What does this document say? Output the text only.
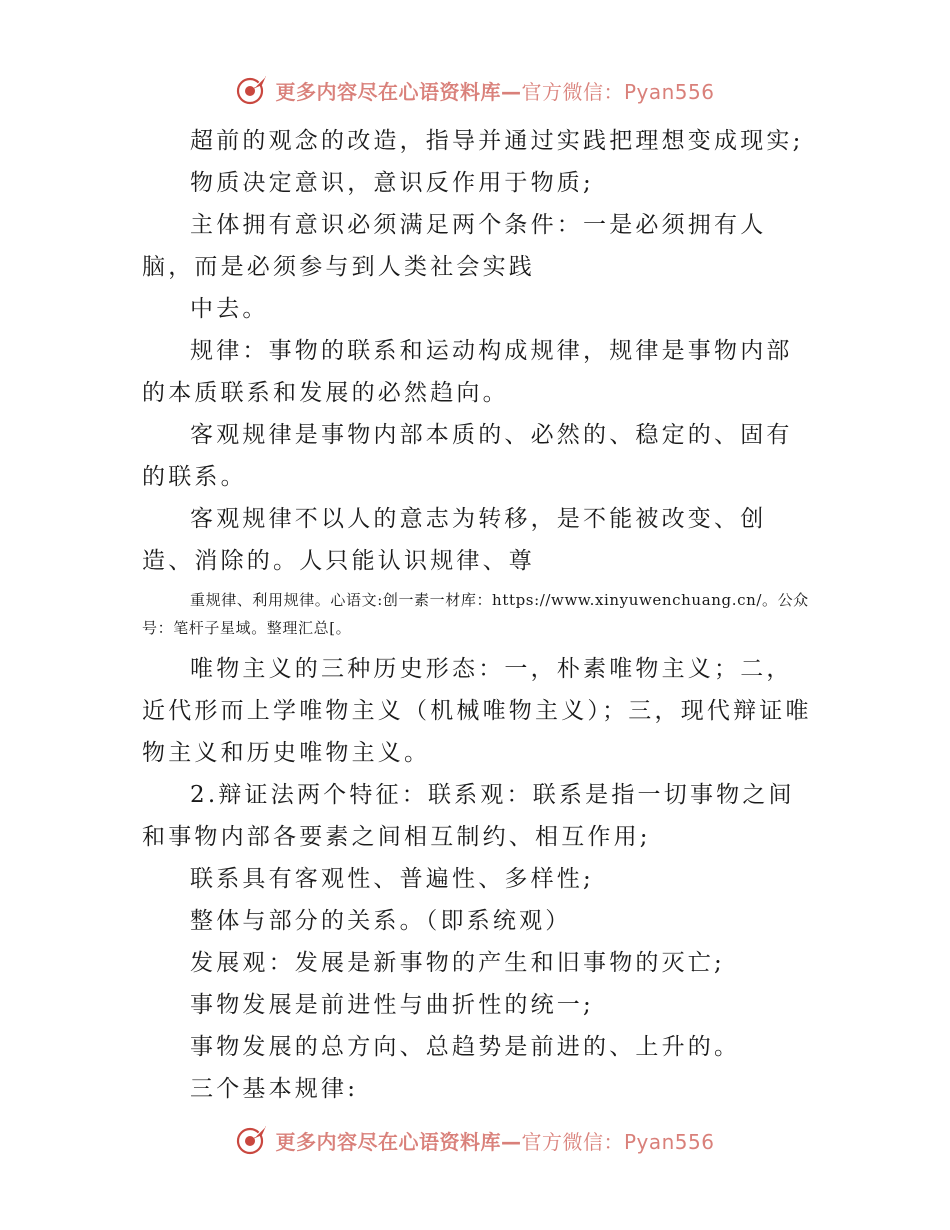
更多内容尽在心语资料库—官方微信：Pyan556

超前的观念的改造，指导并通过实践把理想变成现实;

物质决定意识，意识反作用于物质;

主体拥有意识必须满足两个条件：一是必须拥有人脑，而是必须参与到人类社会实践

中去。

规律：事物的联系和运动构成规律，规律是事物内部的本质联系和发展的必然趋向。

客观规律是事物内部本质的、必然的、稳定的、固有的联系。

客观规律不以人的意志为转移，是不能被改变、创造、消除的。人只能认识规律、尊

重规律、利用规律。心语文:创一素一材库：https://www.xinyuwenchuang.cn/。公众号：笔杆子星域。整理汇总[。

唯物主义的三种历史形态：一，朴素唯物主义；二，近代形而上学唯物主义（机械唯物主义）；三，现代辩证唯物主义和历史唯物主义。

2.辩证法两个特征：联系观：联系是指一切事物之间和事物内部各要素之间相互制约、相互作用;

联系具有客观性、普遍性、多样性;

整体与部分的关系。（即系统观）

发展观：发展是新事物的产生和旧事物的灭亡;

事物发展是前进性与曲折性的统一;

事物发展的总方向、总趋势是前进的、上升的。

三个基本规律:

更多内容尽在心语资料库—官方微信：Pyan556
